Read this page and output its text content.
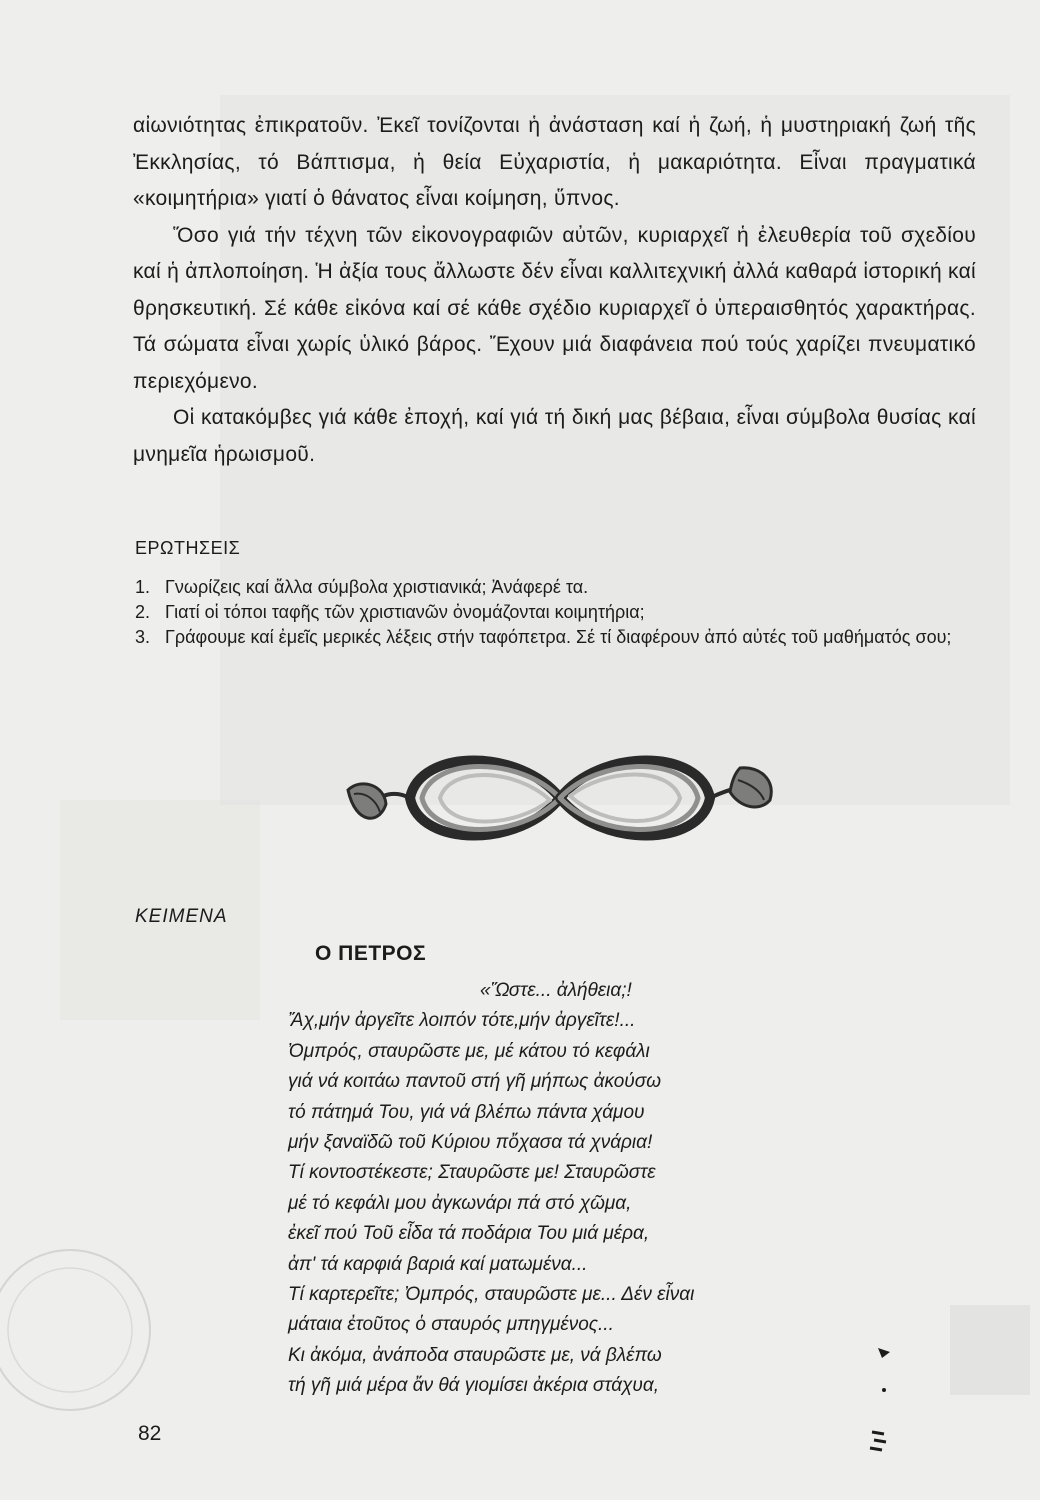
αἰωνιότητας ἐπικρατοῦν. Ἐκεῖ τονίζονται ἡ ἀνάσταση καί ἡ ζωή, ἡ μυστηριακή ζωή τῆς Ἐκκλησίας, τό Βάπτισμα, ἡ θεία Εὐχαριστία, ἡ μακαριότητα. Εἶναι πραγματικά «κοιμητήρια» γιατί ὁ θάνατος εἶναι κοίμηση, ὕπνος.

Ὅσο γιά τήν τέχνη τῶν εἰκονογραφιῶν αὐτῶν, κυριαρχεῖ ἡ ἐλευθερία τοῦ σχεδίου καί ἡ ἀπλοποίηση. Ἡ ἀξία τους ἄλλωστε δέν εἶναι καλλιτεχνική ἀλλά καθαρά ἱστορική καί θρησκευτική. Σέ κάθε εἰκόνα καί σέ κάθε σχέδιο κυριαρχεῖ ὁ ὑπεραισθητός χαρακτήρας. Τά σώματα εἶναι χωρίς ὑλικό βάρος. Ἔχουν μιά διαφάνεια πού τούς χαρίζει πνευματικό περιεχόμενο.

Οἱ κατακόμβες γιά κάθε ἐποχή, καί γιά τή δική μας βέβαια, εἶναι σύμβολα θυσίας καί μνημεῖα ἡρωισμοῦ.

ΕΡΩΤΗΣΕΙΣ
1. Γνωρίζεις καί ἄλλα σύμβολα χριστιανικά; Ἀνάφερέ τα.
2. Γιατί οἱ τόποι ταφῆς τῶν χριστιανῶν ὀνομάζονται κοιμητήρια;
3. Γράφουμε καί ἐμεῖς μερικές λέξεις στήν ταφόπετρα. Σέ τί διαφέρουν ἀπό αὐτές τοῦ μαθήματός σου;
ΚΕΙΜΕΝΑ
Ο ΠΕΤΡΟΣ
«Ὥστε... ἀλήθεια;!
Ἄχ,μήν ἀργεῖτε λοιπόν τότε,μήν ἀργεῖτε!...
Ὀμπρός, σταυρῶστε με, μέ κάτου τό κεφάλι
γιά νά κοιτάω παντοῦ στή γῆ μήπως ἀκούσω
τό πάτημά Του, γιά νά βλέπω πάντα χάμου
μήν ξαναϊδῶ τοῦ Κύριου πὄχασα τά χνάρια!
Τί κοντοστέκεστε; Σταυρῶστε με! Σταυρῶστε
μέ τό κεφάλι μου ἀγκωνάρι πά στό χῶμα,
ἐκεῖ πού Τοῦ εἶδα τά ποδάρια Του μιά μέρα,
ἀπ' τά καρφιά βαριά καί ματωμένα...
Τί καρτερεῖτε; Ὀμπρός, σταυρῶστε με... Δέν εἶναι
μάταια ἐτοῦτος ὁ σταυρός μπηγμένος...
Κι ἀκόμα, ἀνάποδα σταυρῶστε με, νά βλέπω
τή γῆ μιά μέρα ἄν θά γιομίσει ἀκέρια στάχυα,
82
